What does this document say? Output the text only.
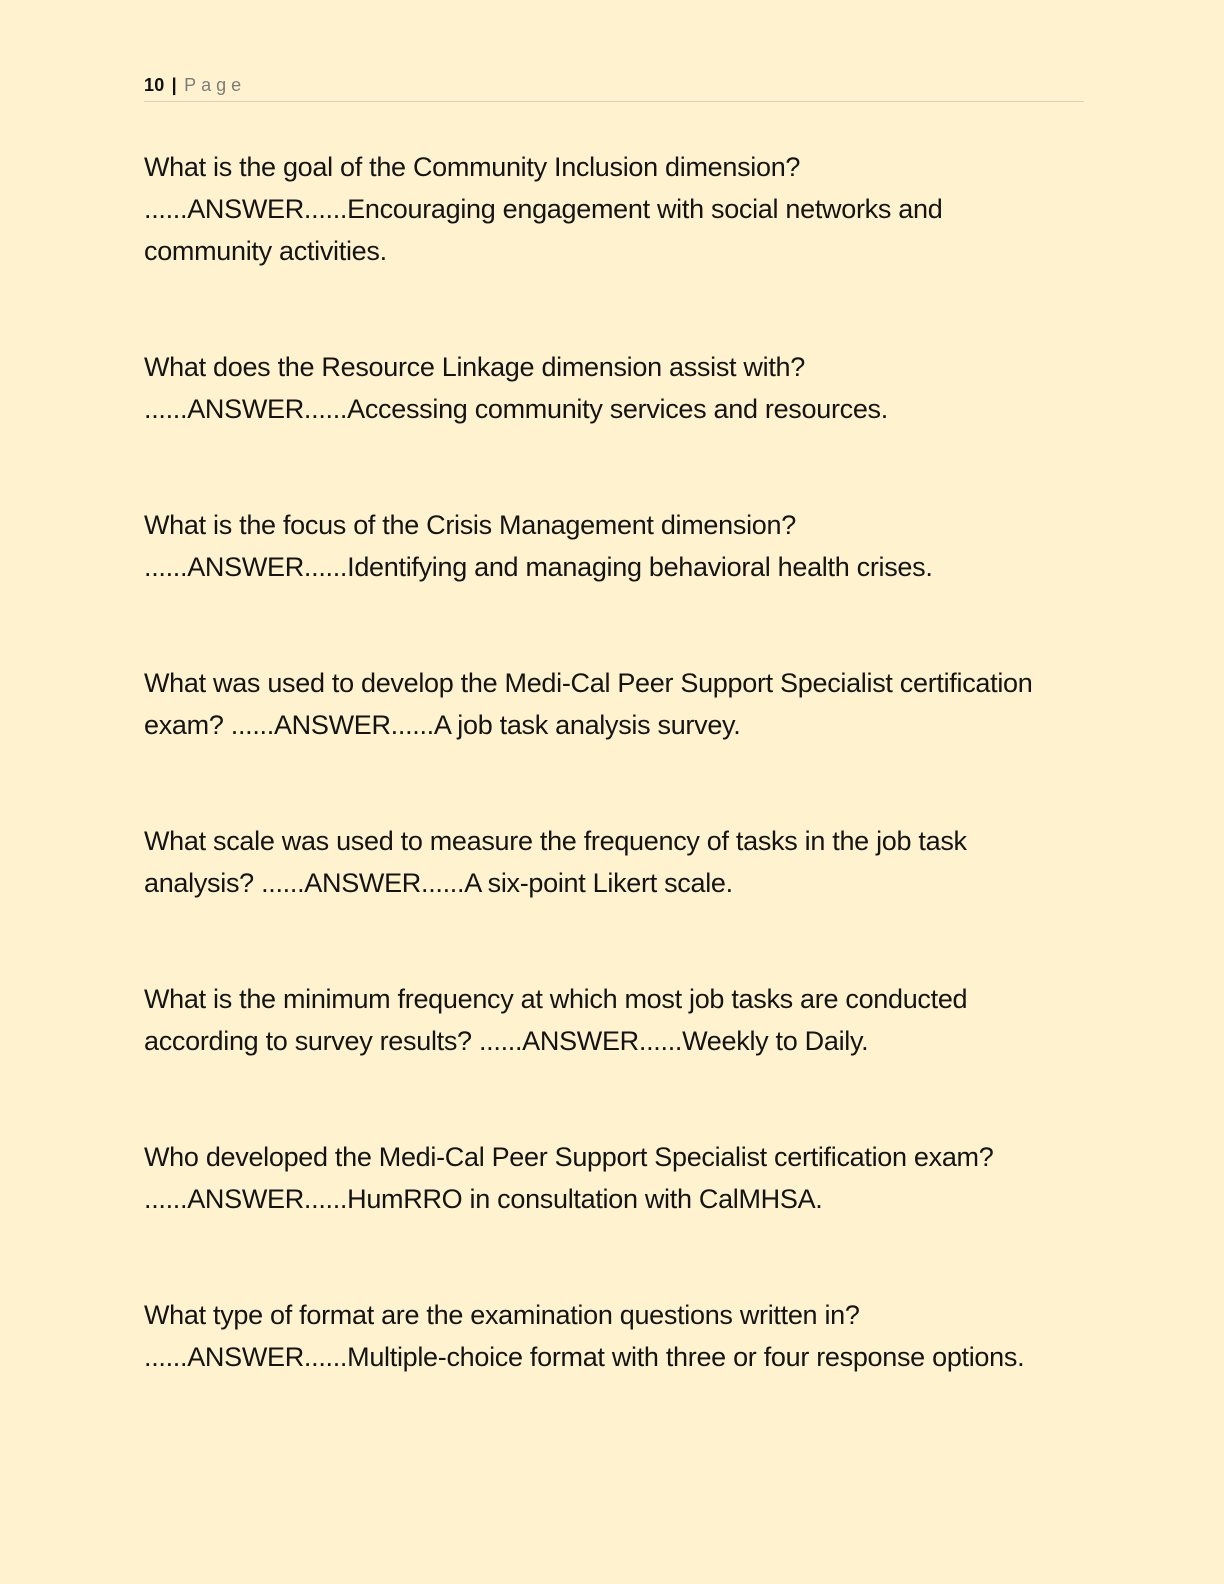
10 | Page

What is the goal of the Community Inclusion dimension?
......ANSWER......Encouraging engagement with social networks and community activities.

What does the Resource Linkage dimension assist with?
......ANSWER......Accessing community services and resources.

What is the focus of the Crisis Management dimension?
......ANSWER......Identifying and managing behavioral health crises.

What was used to develop the Medi-Cal Peer Support Specialist certification exam? ......ANSWER......A job task analysis survey.

What scale was used to measure the frequency of tasks in the job task analysis? ......ANSWER......A six-point Likert scale.

What is the minimum frequency at which most job tasks are conducted according to survey results? ......ANSWER......Weekly to Daily.

Who developed the Medi-Cal Peer Support Specialist certification exam? ......ANSWER......HumRRO in consultation with CalMHSA.

What type of format are the examination questions written in?
......ANSWER......Multiple-choice format with three or four response options.
